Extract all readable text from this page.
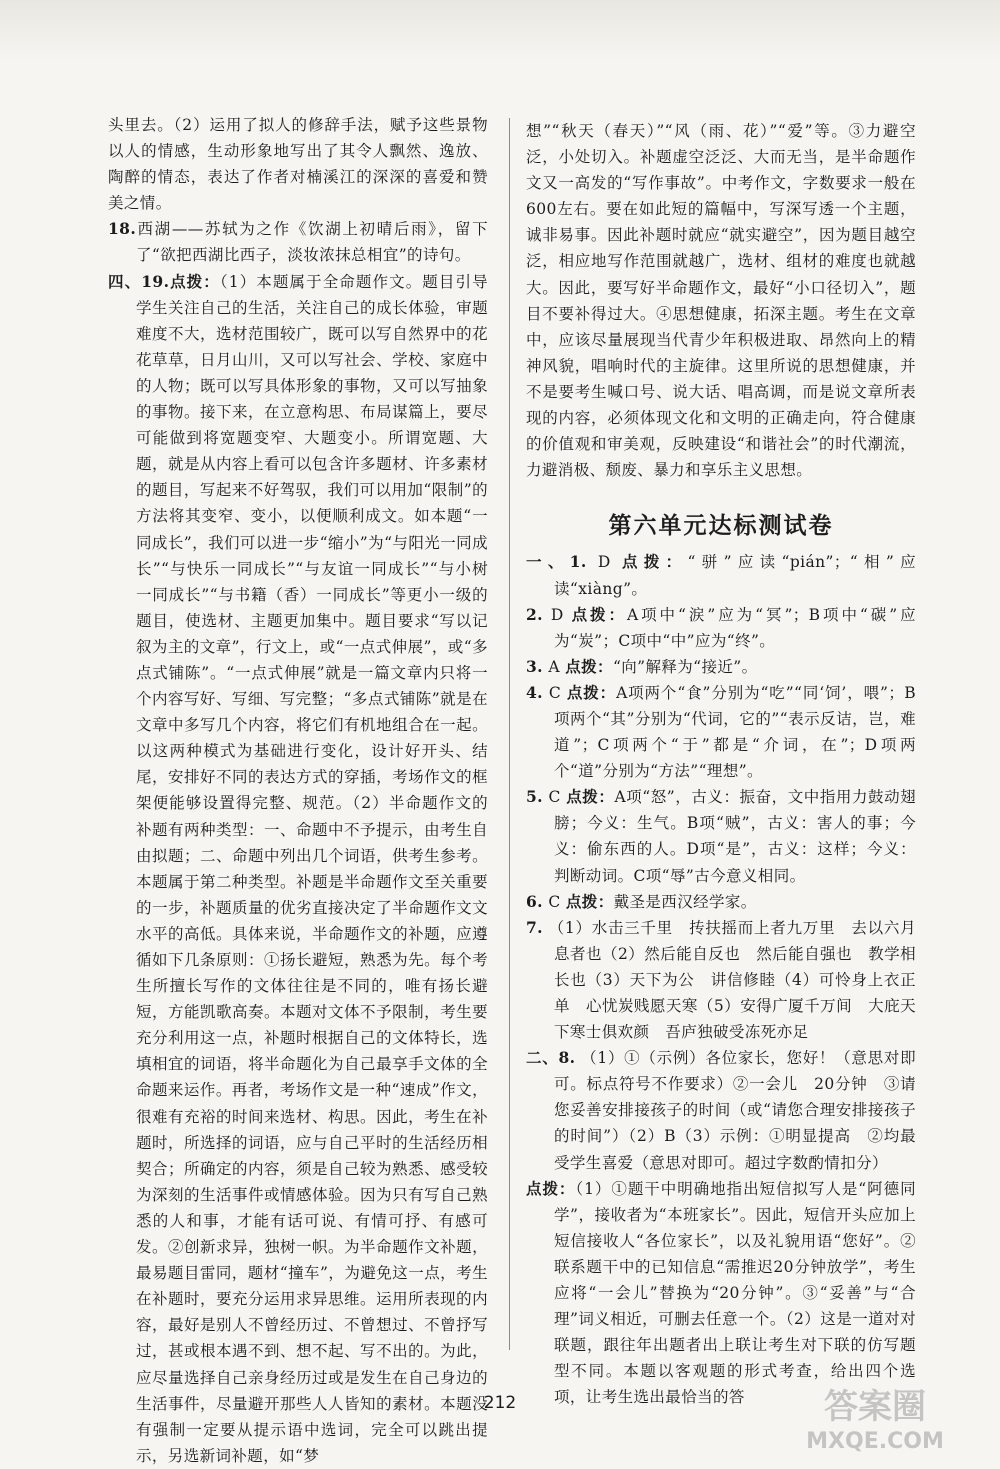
头里去。（2）运用了拟人的修辞手法，赋予这些景物以人的情感，生动形象地写出了其令人飘然、逸放、陶醉的情态，表达了作者对楠溪江的深深的喜爱和赞美之情。

18.西湖——苏轼为之作《饮湖上初晴后雨》，留下了“欲把西湖比西子，淡妆浓抹总相宜”的诗句。

四、19.点拨：（1）本题属于全命题作文。题目引导学生关注自己的生活，关注自己的成长体验，审题难度不大，选材范围较广，既可以写自然界中的花花草草，日月山川，又可以写社会、学校、家庭中的人物；既可以写具体形象的事物，又可以写抽象的事物。接下来，在立意构思、布局谋篇上，要尽可能做到将宽题变窄、大题变小。所谓宽题、大题，就是从内容上看可以包含许多题材、许多素材的题目，写起来不好驾驭，我们可以用加“限制”的方法将其变窄、变小，以便顺利成文。如本题“一同成长”，我们可以进一步“缩小”为“与阳光一同成长”“与快乐一同成长”“与友谊一同成长”“与小树一同成长”“与书籍（香）一同成长”等更小一级的题目，使选材、主题更加集中。题目要求“写以记叙为主的文章”，行文上，或“一点式伸展”，或“多点式铺陈”。“一点式伸展”就是一篇文章内只将一个内容写好、写细、写完整；“多点式铺陈”就是在文章中多写几个内容，将它们有机地组合在一起。以这两种模式为基础进行变化，设计好开头、结尾，安排好不同的表达方式的穿插，考场作文的框架便能够设置得完整、规范。（2）半命题作文的补题有两种类型：一、命题中不予提示，由考生自由拟题；二、命题中列出几个词语，供考生参考。本题属于第二种类型。补题是半命题作文至关重要的一步，补题质量的优劣直接决定了半命题作文文水平的高低。具体来说，半命题作文的补题，应遵循如下几条原则：①扬长避短，熟悉为先。每个考生所擅长写作的文体往往是不同的，唯有扬长避短，方能凯歌高奏。本题对文体不予限制，考生要充分利用这一点，补题时根据自己的文体特长，选填相宜的词语，将半命题化为自己最享手文体的全命题来运作。再者，考场作文是一种“速成”作文，很难有充裕的时间来选材、构思。因此，考生在补题时，所选择的词语，应与自己平时的生活经历相契合；所确定的内容，须是自己较为熟悉、感受较为深刻的生活事件或情感体验。因为只有写自己熟悉的人和事，才能有话可说、有情可抒、有感可发。②创新求异，独树一帜。为半命题作文补题，最易题目雷同，题材“撞车”，为避免这一点，考生在补题时，要充分运用求异思维。运用所表现的内容，最好是别人不曾经历过、不曾想过、不曾抒写过，甚或根本遇不到、想不起、写不出的。为此，应尽量选择自己亲身经历过或是发生在自己身边的生活事件，尽量避开那些人人皆知的素材。本题没有强制一定要从提示语中选词，完全可以跳出提示，另选新词补题，如“梦

想”“秋天（春天）”“风（雨、花）”“爱”等。③力避空泛，小处切入。补题虚空泛泛、大而无当，是半命题作文又一高发的“写作事故”。中考作文，字数要求一般在600左右。要在如此短的篇幅中，写深写透一个主题，诚非易事。因此补题时就应“就实避空”，因为题目越空泛，相应地写作范围就越广，选材、组材的难度也就越大。因此，要写好半命题作文，最好“小口径切入”，题目不要补得过大。④思想健康，拓深主题。考生在文章中，应该尽量展现当代青少年积极进取、昂然向上的精神风貌，唱响时代的主旋律。这里所说的思想健康，并不是要考生喊口号、说大话、唱高调，而是说文章所表现的内容，必须体现文化和文明的正确走向，符合健康的价值观和审美观，反映建设“和谐社会”的时代潮流，力避消极、颓废、暴力和享乐主义思想。

第六单元达标测试卷

一、1. D 点拨：“骈”应读“pián”；“相”应读“xiàng”。

2. D 点拨：A项中“涙”应为“冥”；B项中“碳”应为“炭”；C项中“中”应为“终”。

3. A 点拨：“向”解释为“接近”。

4. C 点拨：A项两个“食”分别为“吃”“同‘饲’，喂”；B项两个“其”分别为“代词，它的”“表示反诘，岂，难道”；C项两个“于”都是“介词，在”；D项两个“道”分别为“方法”“理想”。

5. C 点拨：A项“怒”，古义：振奋，文中指用力鼓动翅膀；今义：生气。B项“贼”，古义：害人的事；今义：偷东西的人。D项“是”，古义：这样；今义：判断动词。C项“辱”古今意义相同。

6. C 点拨：戴圣是西汉经学家。

7. （1）水击三千里　抟扶摇而上者九万里　去以六月息者也（2）然后能自反也　然后能自强也　教学相长也（3）天下为公　讲信修睦（4）可怜身上衣正单　心忧炭贱愿天寒（5）安得广厦千万间　大庇天下寒士俱欢颜　吾庐独破受冻死亦足

二、8. （1）①（示例）各位家长，您好！（意思对即可。标点符号不作要求）②一会儿　20分钟　③请您妥善安排接孩子的时间（或“请您合理安排接孩子的时间”）（2）B（3）示例：①明显提高　②均最受学生喜爱（意思对即可。超过字数酌情扣分）

点拨：（1）①题干中明确地指出短信拟写人是“阿德同学”，接收者为“本班家长”。因此，短信开头应加上短信接收人“各位家长”，以及礼貌用语“您好”。②联系题干中的已知信息“需推迟20分钟放学”，考生应将“一会儿”替换为“20分钟”。③“妥善”与“合理”词义相近，可删去任意一个。（2）这是一道对对联题，跟往年出题者出上联让考生对下联的仿写题型不同。本题以客观题的形式考查，给出四个选项，让考生选出最恰当的答

212	答案圈
MXQE.COM
